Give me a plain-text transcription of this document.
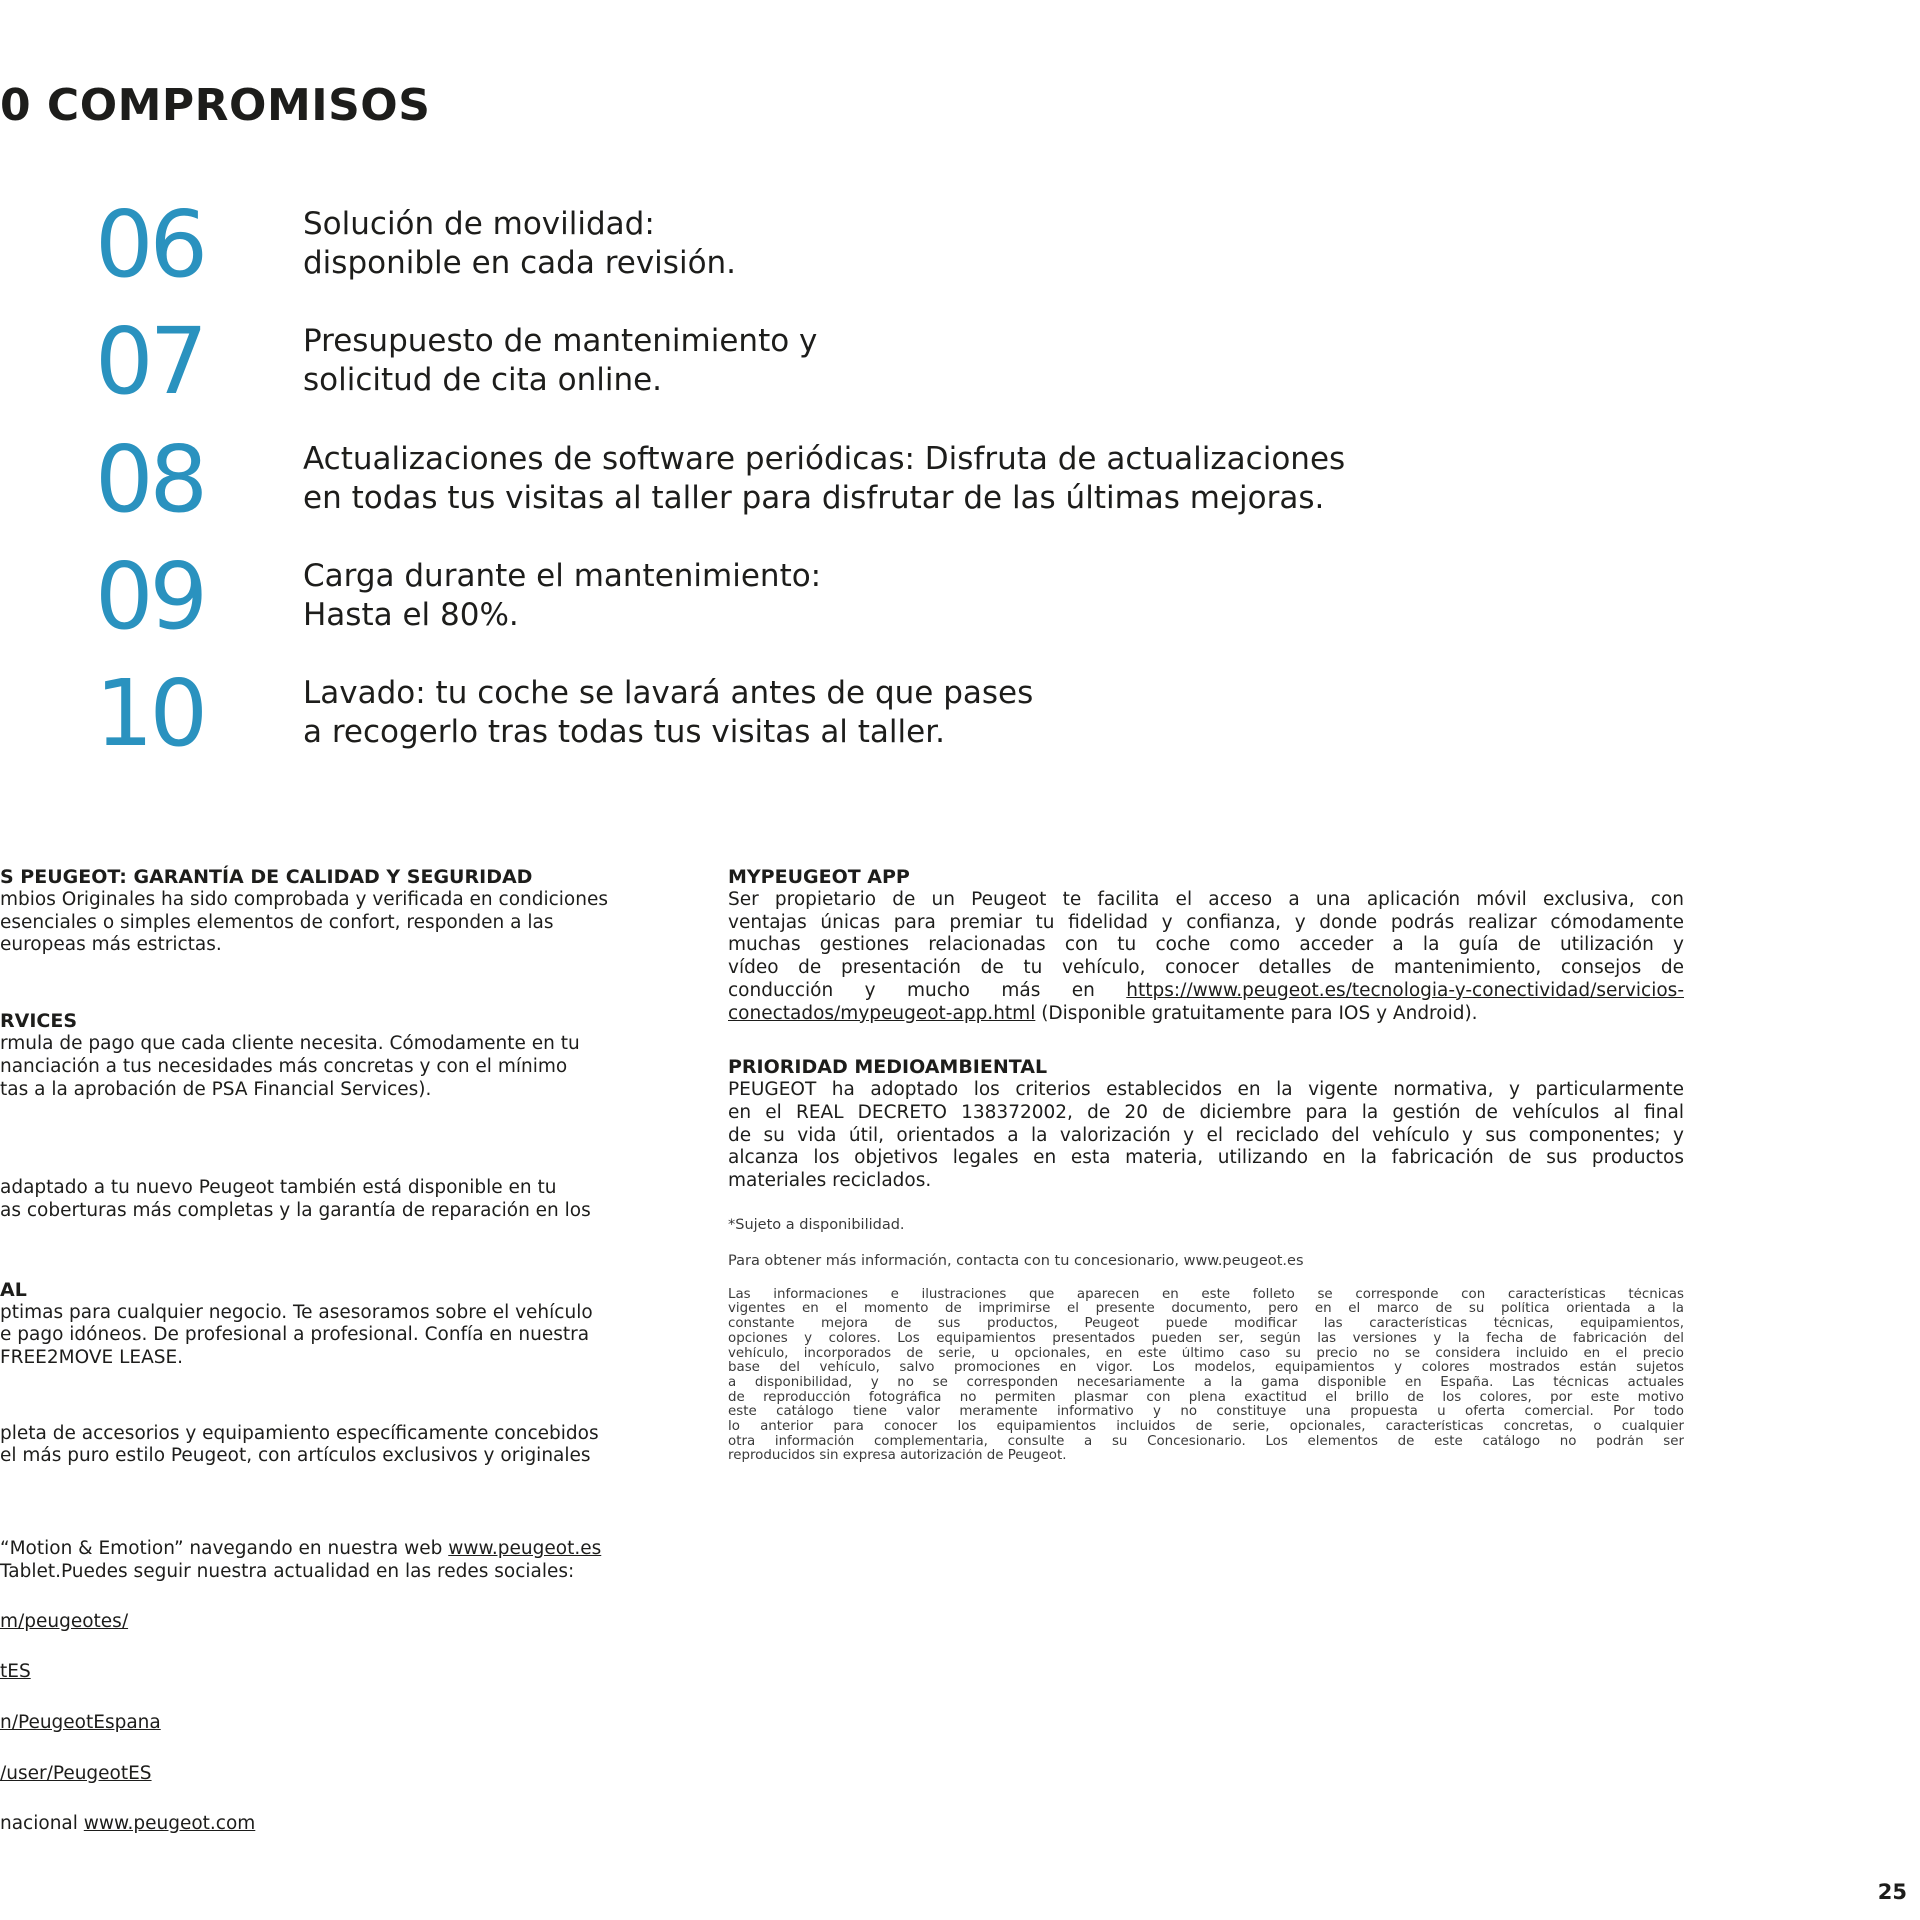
0 COMPROMISOS
06	Solución de movilidad:
disponible en cada revisión.
07	Presupuesto de mantenimiento y
solicitud de cita online.
08	Actualizaciones de software periódicas: Disfruta de actualizaciones
en todas tus visitas al taller para disfrutar de las últimas mejoras.
09	Carga durante el mantenimiento:
Hasta el 80%.
10	Lavado: tu coche se lavará antes de que pases
a recogerlo tras todas tus visitas al taller.
S PEUGEOT: GARANTÍA DE CALIDAD Y SEGURIDAD
mbios Originales ha sido comprobada y verificada en condiciones
esenciales o simples elementos de confort, responden a las
europeas más estrictas.
RVICES
rmula de pago que cada cliente necesita. Cómodamente en tu
nanciación a tus necesidades más concretas y con el mínimo
tas a la aprobación de PSA Financial Services).
adaptado a tu nuevo Peugeot también está disponible en tu
as coberturas más completas y la garantía de reparación en los
AL
ptimas para cualquier negocio. Te asesoramos sobre el vehículo
e pago idóneos. De profesional a profesional. Confía en nuestra
FREE2MOVE LEASE.
pleta de accesorios y equipamiento específicamente concebidos
el más puro estilo Peugeot, con artículos exclusivos y originales
“Motion & Emotion” navegando en nuestra web www.peugeot.es
Tablet.Puedes seguir nuestra actualidad en las redes sociales:
m/peugeotes/
tES
n/PeugeotEspana
/user/PeugeotES
nacional www.peugeot.com
MYPEUGEOT APP
Ser propietario de un Peugeot te facilita el acceso a una aplicación móvil exclusiva, con
ventajas únicas para premiar tu fidelidad y confianza, y donde podrás realizar cómodamente
muchas gestiones relacionadas con tu coche como acceder a la guía de utilización y
vídeo de presentación de tu vehículo, conocer detalles de mantenimiento, consejos de
conducción y mucho más en https://www.peugeot.es/tecnologia-y-conectividad/servicios-
conectados/mypeugeot-app.html (Disponible gratuitamente para IOS y Android).
PRIORIDAD MEDIOAMBIENTAL
PEUGEOT ha adoptado los criterios establecidos en la vigente normativa, y particularmente
en el REAL DECRETO 138372002, de 20 de diciembre para la gestión de vehículos al final
de su vida útil, orientados a la valorización y el reciclado del vehículo y sus componentes; y
alcanza los objetivos legales en esta materia, utilizando en la fabricación de sus productos
materiales reciclados.
*Sujeto a disponibilidad.
Para obtener más información, contacta con tu concesionario, www.peugeot.es
Las informaciones e ilustraciones que aparecen en este folleto se corresponde con características técnicas
vigentes en el momento de imprimirse el presente documento, pero en el marco de su política orientada a la
constante mejora de sus productos, Peugeot puede modificar las características técnicas, equipamientos,
opciones y colores. Los equipamientos presentados pueden ser, según las versiones y la fecha de fabricación del
vehículo, incorporados de serie, u opcionales, en este último caso su precio no se considera incluido en el precio
base del vehículo, salvo promociones en vigor. Los modelos, equipamientos y colores mostrados están sujetos
a disponibilidad, y no se corresponden necesariamente a la gama disponible en España. Las técnicas actuales
de reproducción fotográfica no permiten plasmar con plena exactitud el brillo de los colores, por este motivo
este catálogo tiene valor meramente informativo y no constituye una propuesta u oferta comercial. Por todo
lo anterior para conocer los equipamientos incluidos de serie, opcionales, características concretas, o cualquier
otra información complementaria, consulte a su Concesionario. Los elementos de este catálogo no podrán ser
reproducidos sin expresa autorización de Peugeot.
25
